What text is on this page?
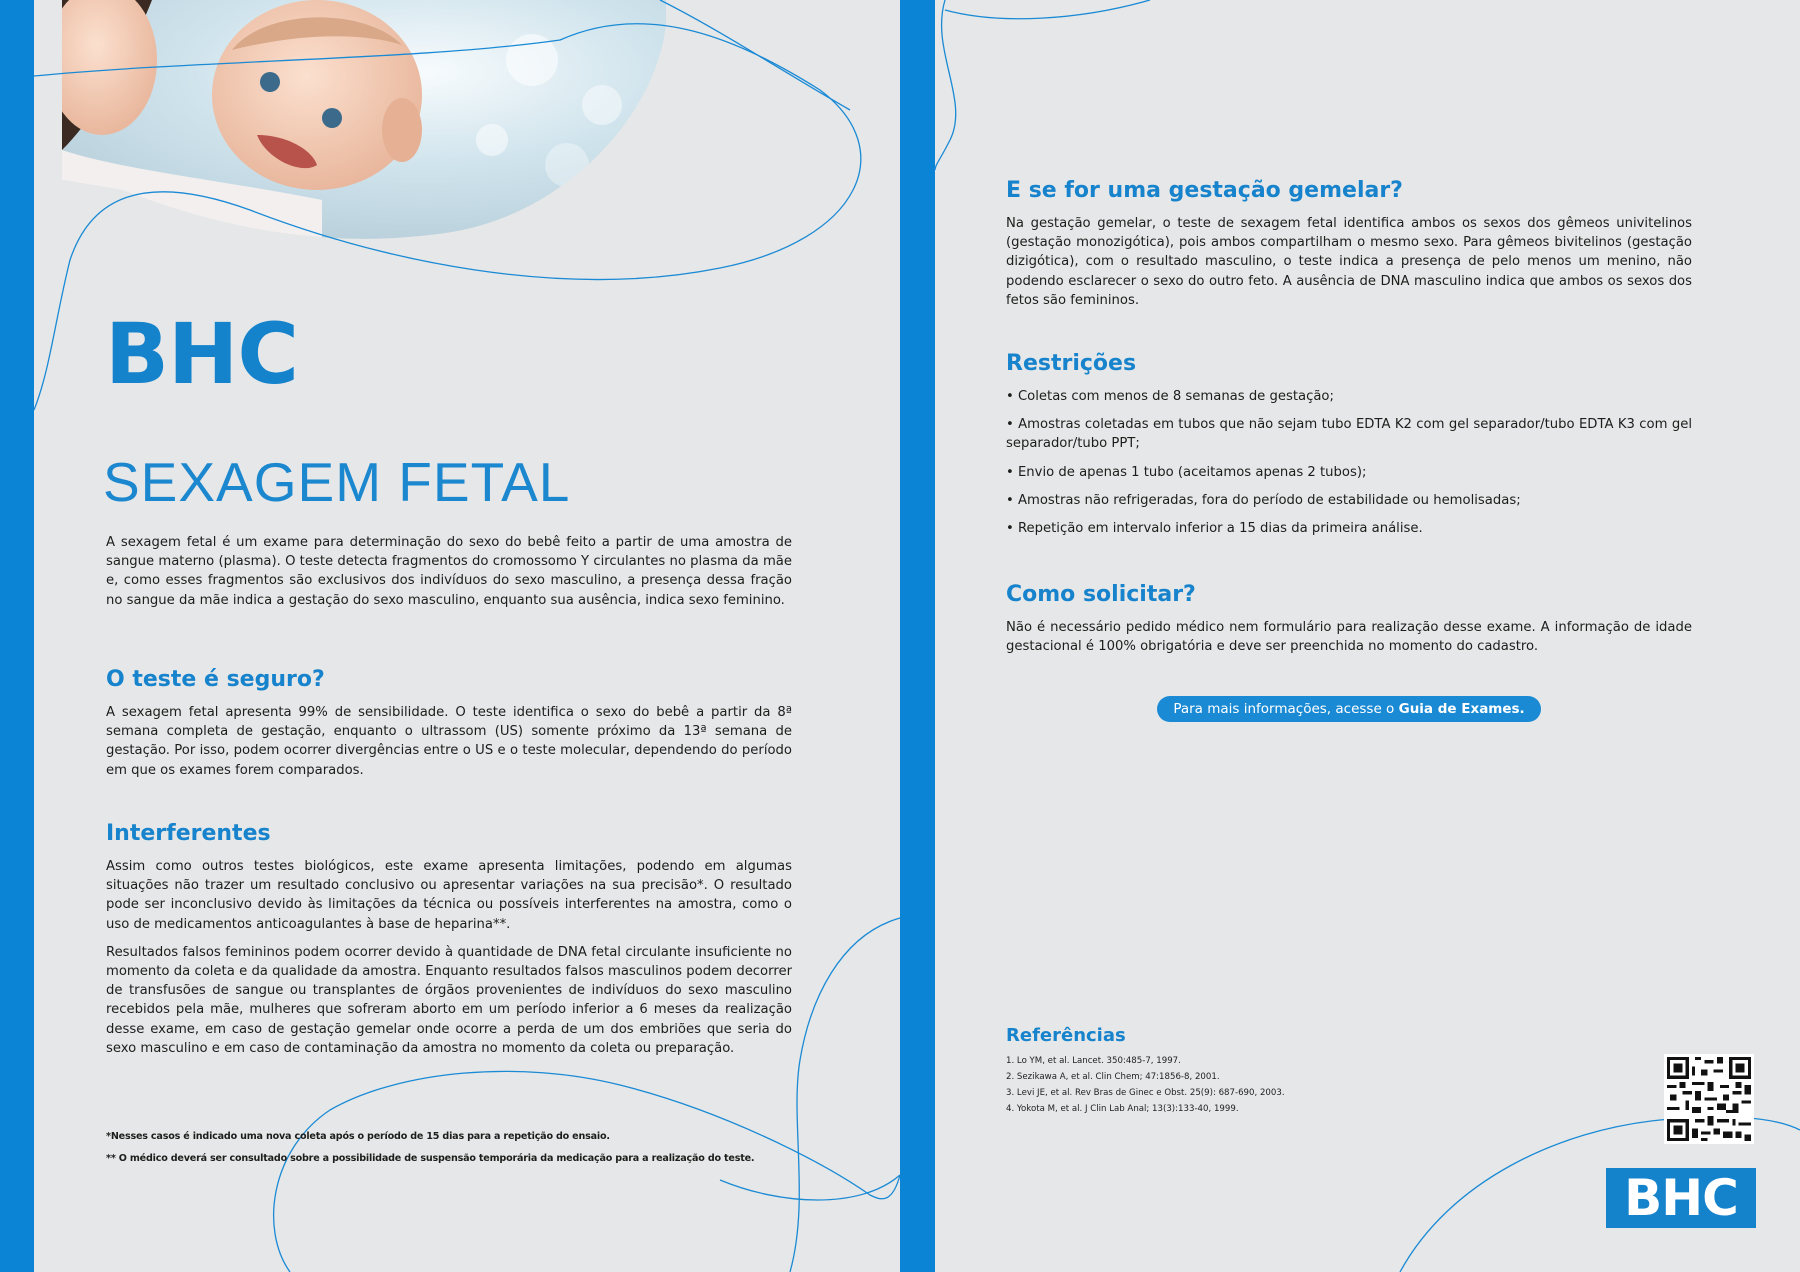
BHC
SEXAGEM FETAL

A sexagem fetal é um exame para determinação do sexo do bebê feito a partir de uma amostra de sangue materno (plasma). O teste detecta fragmentos do cromossomo Y circulantes no plasma da mãe e, como esses fragmentos são exclusivos dos indivíduos do sexo masculino, a presença dessa fração no sangue da mãe indica a gestação do sexo masculino, enquanto sua ausência, indica sexo feminino.

O teste é seguro?

A sexagem fetal apresenta 99% de sensibilidade. O teste identifica o sexo do bebê a partir da 8ª semana completa de gestação, enquanto o ultrassom (US) somente próximo da 13ª semana de gestação. Por isso, podem ocorrer divergências entre o US e o teste molecular, dependendo do período em que os exames forem comparados.

Interferentes

Assim como outros testes biológicos, este exame apresenta limitações, podendo em algumas situações não trazer um resultado conclusivo ou apresentar variações na sua precisão*. O resultado pode ser inconclusivo devido às limitações da técnica ou possíveis interferentes na amostra, como o uso de medicamentos anticoagulantes à base de heparina**.

Resultados falsos femininos podem ocorrer devido à quantidade de DNA fetal circulante insuficiente no momento da coleta e da qualidade da amostra. Enquanto resultados falsos masculinos podem decorrer de transfusões de sangue ou transplantes de órgãos provenientes de indivíduos do sexo masculino recebidos pela mãe, mulheres que sofreram aborto em um período inferior a 6 meses da realização desse exame, em caso de gestação gemelar onde ocorre a perda de um dos embriões que seria do sexo masculino e em caso de contaminação da amostra no momento da coleta ou preparação.

*Nesses casos é indicado uma nova coleta após o período de 15 dias para a repetição do ensaio.

** O médico deverá ser consultado sobre a possibilidade de suspensão temporária da medicação para a realização do teste.

E se for uma gestação gemelar?

Na gestação gemelar, o teste de sexagem fetal identifica ambos os sexos dos gêmeos univitelinos (gestação monozigótica), pois ambos compartilham o mesmo sexo. Para gêmeos bivitelinos (gestação dizigótica), com o resultado masculino, o teste indica a presença de pelo menos um menino, não podendo esclarecer o sexo do outro feto. A ausência de DNA masculino indica que ambos os sexos dos fetos são femininos.

Restrições

• Coletas com menos de 8 semanas de gestação;

• Amostras coletadas em tubos que não sejam tubo EDTA K2 com gel separador/tubo EDTA K3 com gel separador/tubo PPT;

• Envio de apenas 1 tubo (aceitamos apenas 2 tubos);

• Amostras não refrigeradas, fora do período de estabilidade ou hemolisadas;

• Repetição em intervalo inferior a 15 dias da primeira análise.

Como solicitar?

Não é necessário pedido médico nem formulário para realização desse exame. A informação de idade gestacional é 100% obrigatória e deve ser preenchida no momento do cadastro.

Para mais informações, acesse o Guia de Exames.
Referências
1. Lo YM, et al. Lancet. 350:485-7, 1997.
2. Sezikawa A, et al. Clin Chem; 47:1856-8, 2001.
3. Levi JE, et al. Rev Bras de Ginec e Obst. 25(9): 687-690, 2003.
4. Yokota M, et al. J Clin Lab Anal; 13(3):133-40, 1999.
BHC
